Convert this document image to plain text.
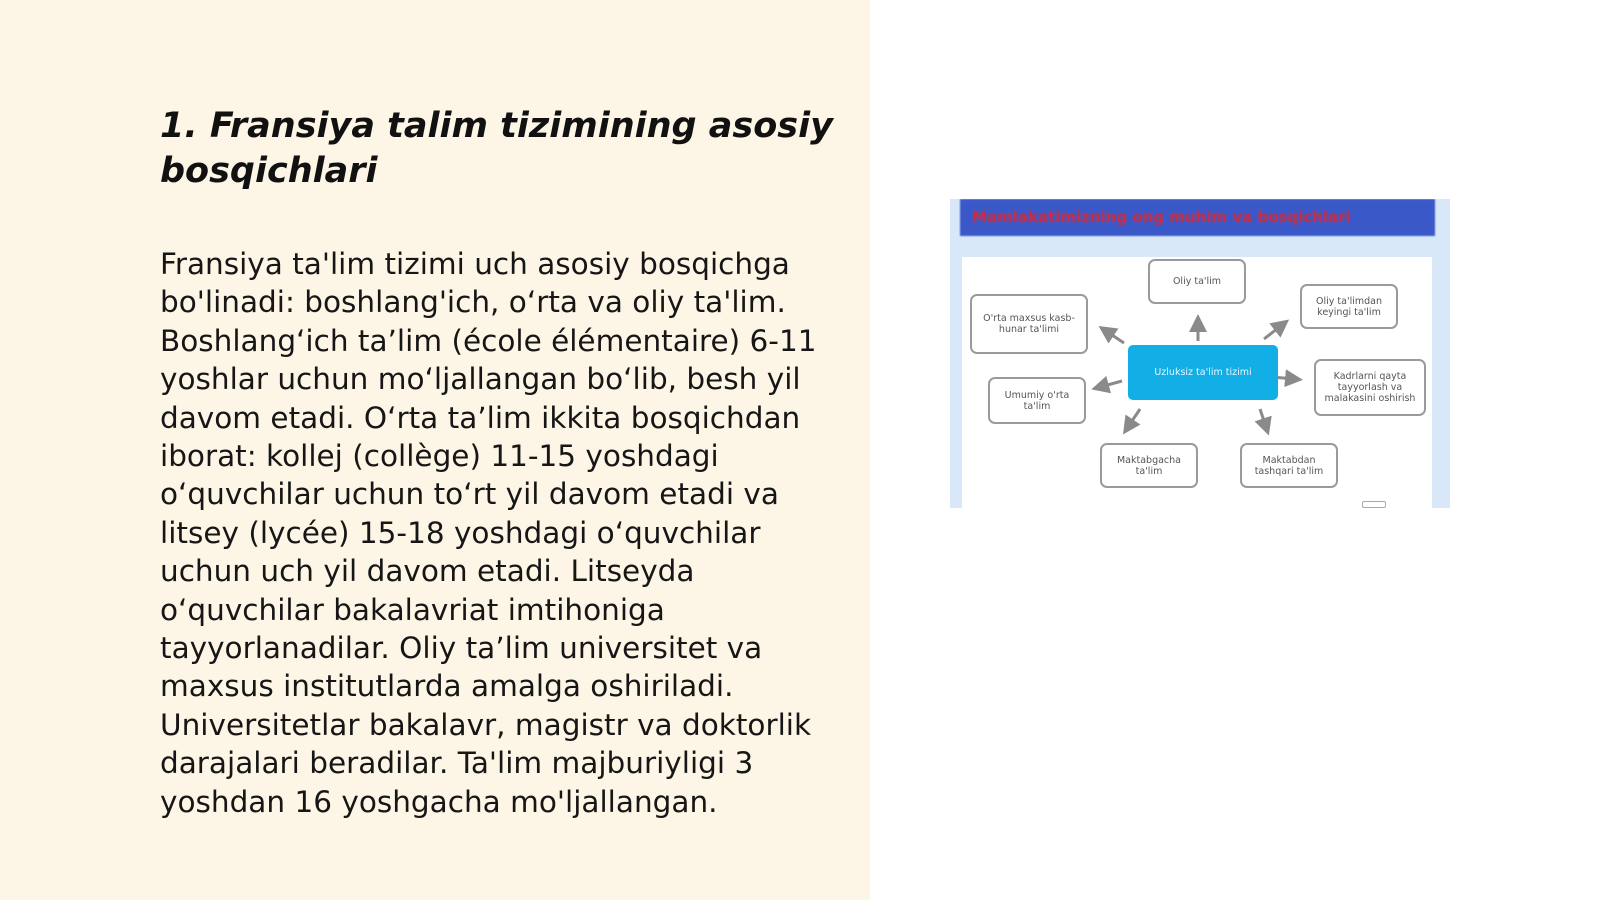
1. Fransiya talim tizimining asosiy bosqichlari

Fransiya ta'lim tizimi uch asosiy bosqichga bo'linadi: boshlang'ich, o‘rta va oliy ta'lim. Boshlang‘ich ta’lim (école élémentaire) 6-11 yoshlar uchun mo‘ljallangan bo‘lib, besh yil davom etadi. O‘rta ta’lim ikkita bosqichdan iborat: kollej (collège) 11-15 yoshdagi o‘quvchilar uchun to‘rt yil davom etadi va litsey (lycée) 15-18 yoshdagi o‘quvchilar uchun uch yil davom etadi. Litseyda o‘quvchilar bakalavriat imtihoniga tayyorlanadilar. Oliy ta’lim universitet va maxsus institutlarda amalga oshiriladi. Universitetlar bakalavr, magistr va doktorlik darajalari beradilar. Ta'lim majburiyligi 3 yoshdan 16 yoshgacha mo'ljallangan.

Mamlakatimizning ong muhim va bosqichlari
Oliy ta'lim
Oliy ta'limdan keyingi ta'lim
O'rta maxsus kasb-hunar ta'limi
Uzluksiz ta'lim tizimi	Kadrlarni qayta tayyorlash va malakasini oshirish
Umumiy o'rta ta'lim
Maktabgacha ta'lim
Maktabdan tashqari ta'lim
